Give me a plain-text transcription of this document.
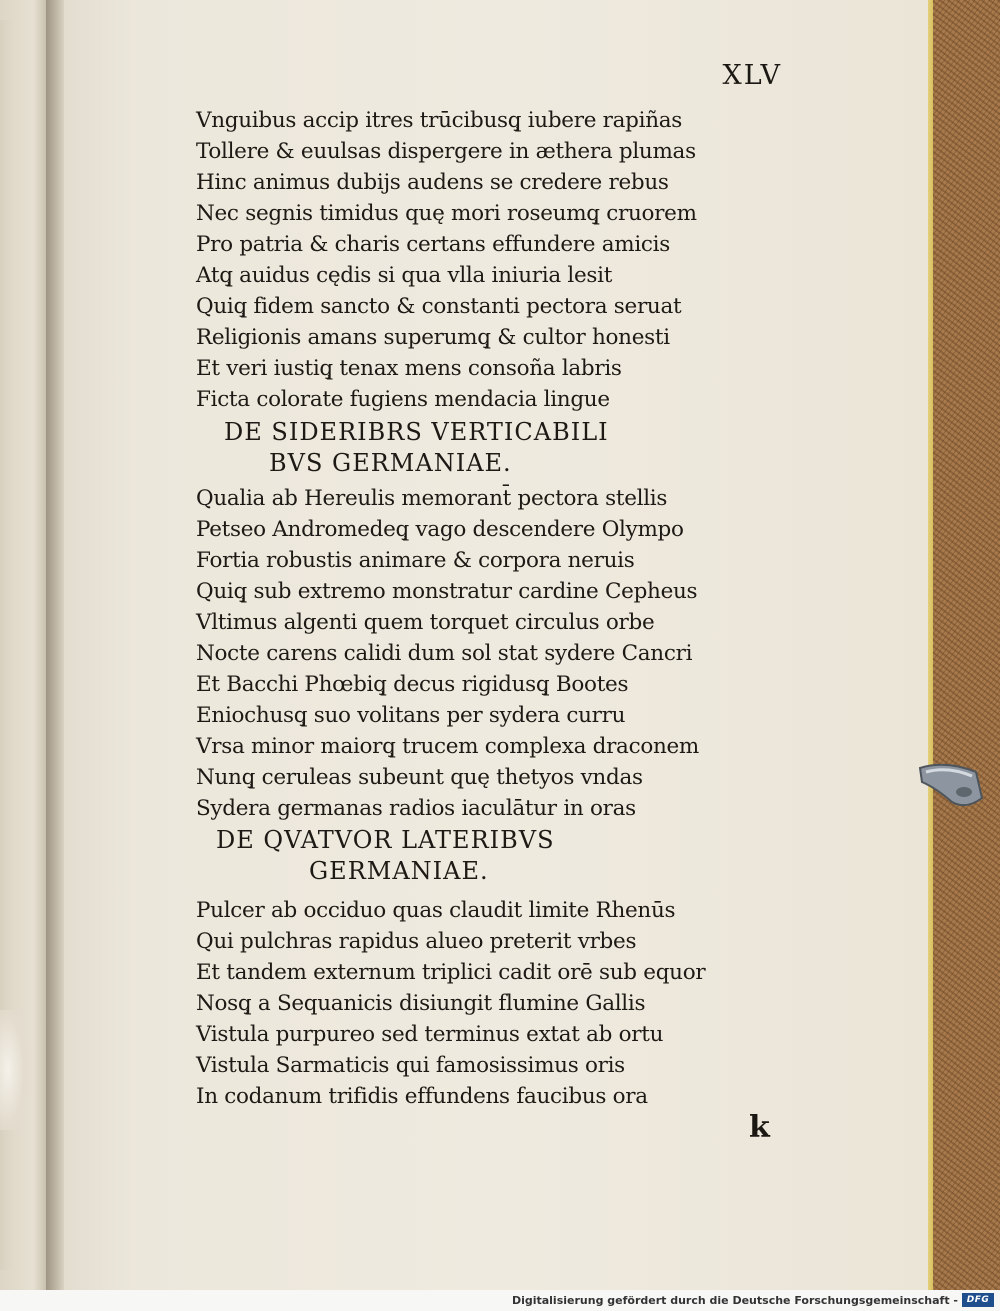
XLV

Vnguibus accip itres trūcibusq̧ iubere rapiñas

Tollere & euulsas dispergere in æthera plumas

Hinc animus dubijs audens se credere rebus

Nec segnis timidus quę mori roseumq̧ cruorem

Pro patria & charis certans effundere amicis

Atq̧ auidus cędis si qua vlla iniuria lesit

Quiq̧ fidem sancto & constanti pectora seruat

Religionis amans superumq̧ & cultor honesti

Et veri iustiq̧ tenax mens consoña labris

Ficta colorate fugiens mendacia lingue

DE SIDERIBRS VERTICABILI

BVS GERMANIAE.

Qualia ab Hereulis memorant̄ pectora stellis

Petseo Andromedeq̧ vago descendere Olympo

Fortia robustis animare & corpora neruis

Quiq̧ sub extremo monstratur cardine Cepheus

Vltimus algenti quem torquet circulus orbe

Nocte carens calidi dum sol stat sydere Cancri

Et Bacchi Phœbiq̧ decus rigidusq̧ Bootes

Eniochusq̧ suo volitans per sydera curru

Vrsa minor maiorq̧ trucem complexa draconem

Nunq̧ ceruleas subeunt quę thetyos vndas

Sydera germanas radios iaculātur in oras

DE QVATVOR LATERIBVS

GERMANIAE.

Pulcer ab occiduo quas claudit limite Rhenūs

Qui pulchras rapidus alueo preterit vrbes

Et tandem externum triplici cadit orē sub equor

Nosq̧ a Sequanicis disiungit flumine Gallis

Vistula purpureo sed terminus extat ab ortu

Vistula Sarmaticis qui famosissimus oris

In codanum trifidis effundens faucibus ora

k
Digitalisierung gefördert durch die Deutsche Forschungsgemeinschaft - DFG
